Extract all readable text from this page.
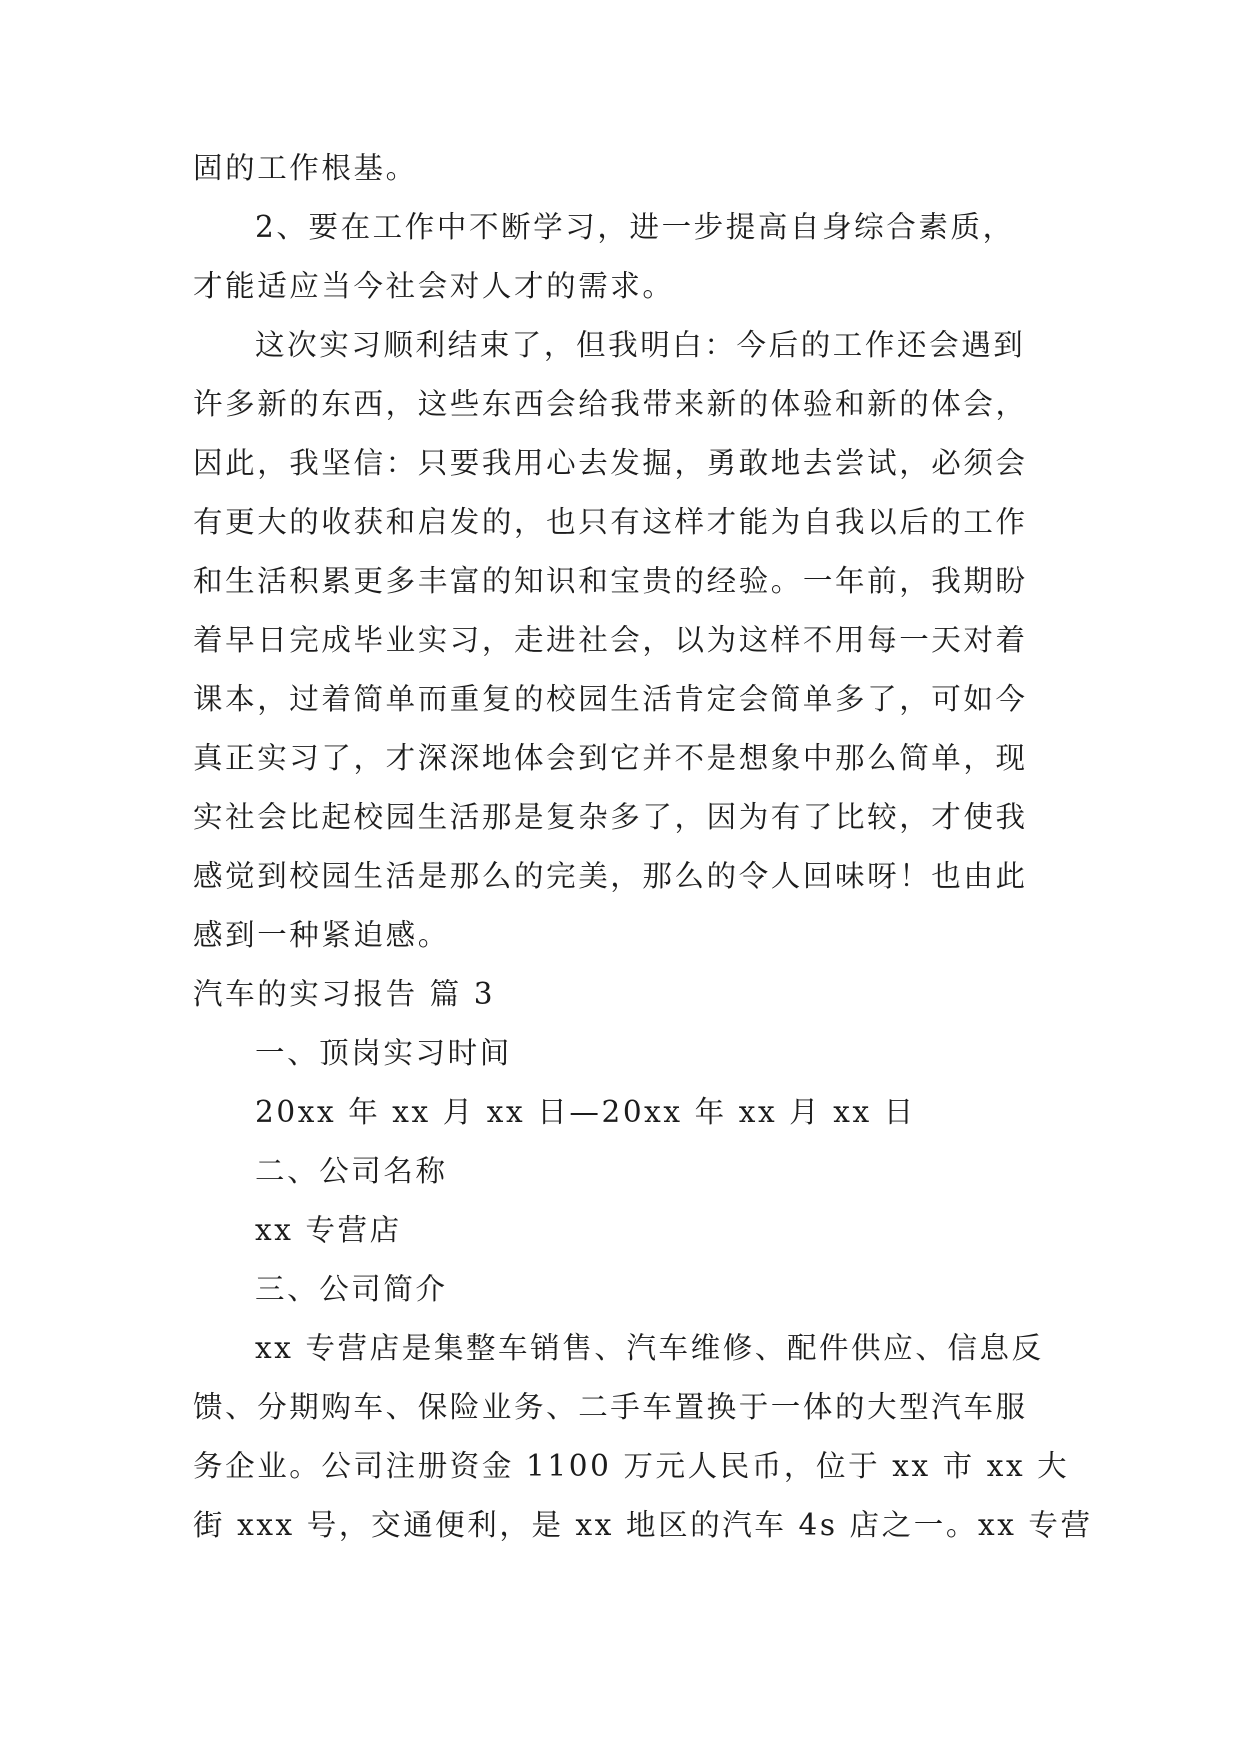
固的工作根基。

2、要在工作中不断学习，进一步提高自身综合素质，

才能适应当今社会对人才的需求。

这次实习顺利结束了，但我明白：今后的工作还会遇到

许多新的东西，这些东西会给我带来新的体验和新的体会，

因此，我坚信：只要我用心去发掘，勇敢地去尝试，必须会

有更大的收获和启发的，也只有这样才能为自我以后的工作

和生活积累更多丰富的知识和宝贵的经验。一年前，我期盼

着早日完成毕业实习，走进社会，以为这样不用每一天对着

课本，过着简单而重复的校园生活肯定会简单多了，可如今

真正实习了，才深深地体会到它并不是想象中那么简单，现

实社会比起校园生活那是复杂多了，因为有了比较，才使我

感觉到校园生活是那么的完美，那么的令人回味呀！也由此

感到一种紧迫感。

汽车的实习报告 篇 3

一、顶岗实习时间

20xx 年 xx 月 xx 日—20xx 年 xx 月 xx 日

二、公司名称

xx 专营店

三、公司简介

xx 专营店是集整车销售、汽车维修、配件供应、信息反

馈、分期购车、保险业务、二手车置换于一体的大型汽车服

务企业。公司注册资金 1100 万元人民币，位于 xx 市 xx 大

街 xxx 号，交通便利，是 xx 地区的汽车 4s 店之一。xx 专营
